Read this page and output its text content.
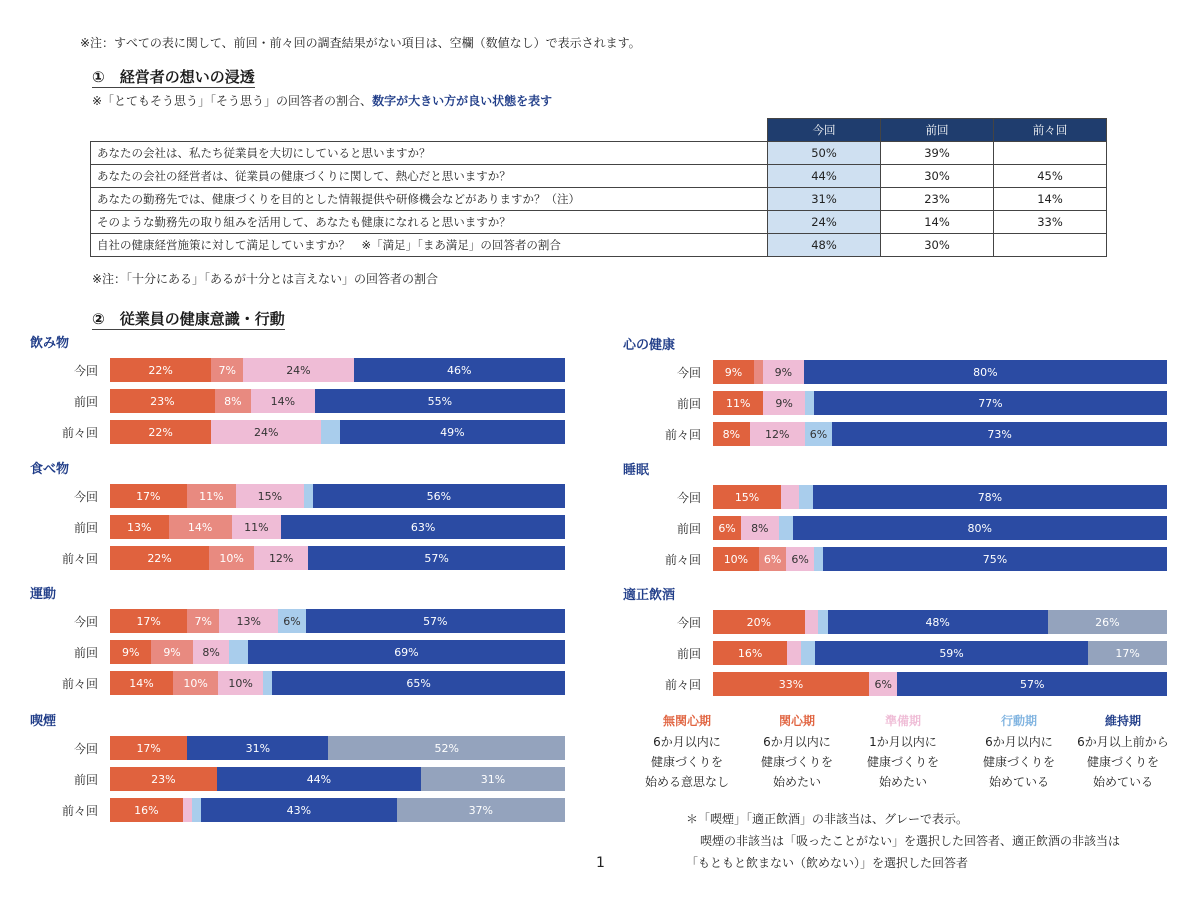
※注：すべての表に関して、前回・前々回の調査結果がない項目は、空欄（数値なし）で表示されます。
①　経営者の想いの浸透
※「とてもそう思う」「そう思う」の回答者の割合、数字が大きい方が良い状態を表す
	今回	前回	前々回
あなたの会社は、私たち従業員を大切にしていると思いますか？	50%	39%	
あなたの会社の経営者は、従業員の健康づくりに関して、熱心だと思いますか？	44%	30%	45%
あなたの勤務先では、健康づくりを目的とした情報提供や研修機会などがありますか？（注）	31%	23%	14%
そのような勤務先の取り組みを活用して、あなたも健康になれると思いますか？	24%	14%	33%
自社の健康経営施策に対して満足していますか？　※「満足」「まあ満足」の回答者の割合	48%	30%	
※注：「十分にある」「あるが十分とは言えない」の回答者の割合
②　従業員の健康意識・行動
飲み物
今回	22%	7%	24%	46%
前回	23%	8%	14%	55%
前々回	22%	24%	49%
食べ物
今回	17%	11%	15%	56%
前回	13%	14%	11%	63%
前々回	22%	10%	12%	57%
運動
今回	17%	7%	13%	6%	57%
前回	9%	9%	8%	69%
前々回	14%	10%	10%	65%
喫煙
今回	17%	31%	52%
前回	23%	44%	31%
前々回	16%	43%	37%
心の健康
今回	9%	9%	80%
前回	11%	9%	77%
前々回	8%	12%	6%	73%
睡眠
今回	15%	78%
前回	6%	8%	80%
前々回	10%	6% 6%	75%
適正飲酒
今回	20%	48%	26%
前回	16%	59%	17%
前々回	33%	6%	57%
無関心期
6か月以内に
健康づくりを
始める意思なし
関心期
6か月以内に
健康づくりを
始めたい
準備期
1か月以内に
健康づくりを
始めたい
行動期
6か月以内に
健康づくりを
始めている
維持期
6か月以上前から
健康づくりを
始めている
＊「喫煙」「適正飲酒」の非該当は、グレーで表示。
喫煙の非該当は「吸ったことがない」を選択した回答者、適正飲酒の非該当は
「もともと飲まない（飲めない）」を選択した回答者
1
